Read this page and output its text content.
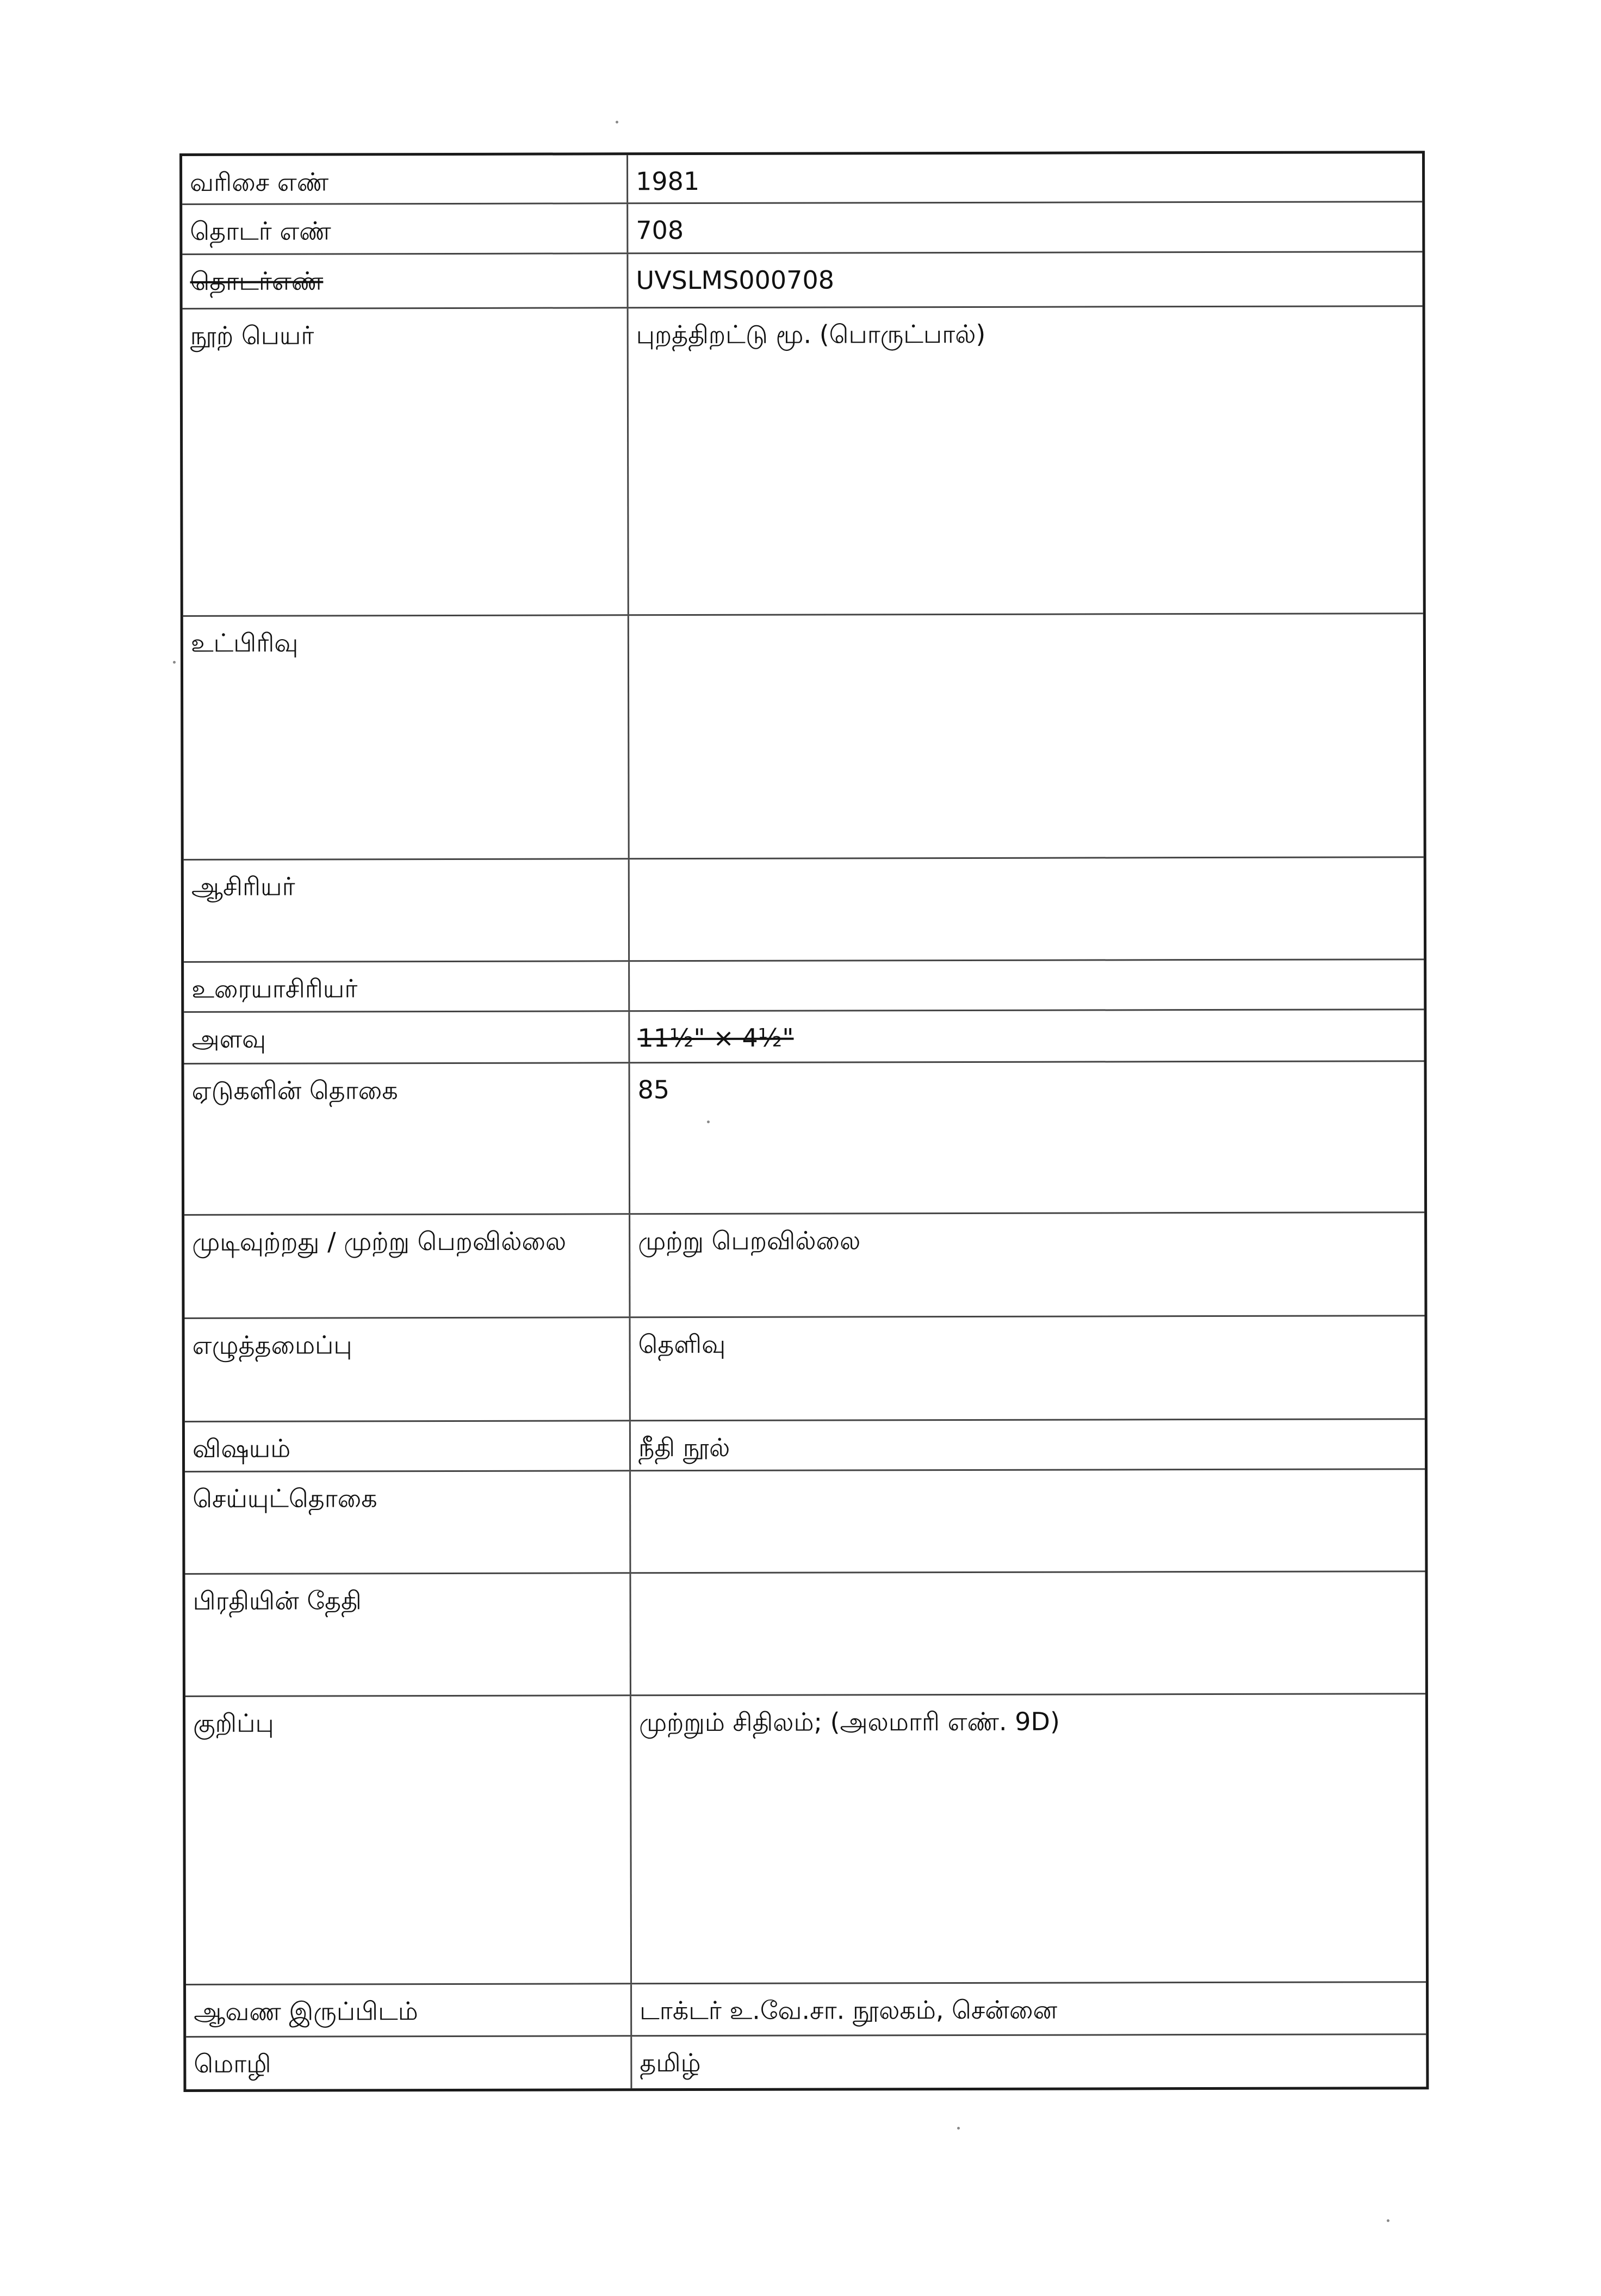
வரிசை எண்	1981
தொடர் எண்	708
தொடர்எண்	UVSLMS000708
நூற் பெயர்	புறத்திறட்டு மூ. (பொருட்பால்)
உட்பிரிவு
ஆசிரியர்
உரையாசிரியர்
அளவு	11½" × 4½"
ஏடுகளின் தொகை	85
முடிவுற்றது / முற்று பெறவில்லை	முற்று பெறவில்லை
எழுத்தமைப்பு	தெளிவு
விஷயம்	நீதி நூல்
செய்யுட்தொகை
பிரதியின் தேதி
குறிப்பு	முற்றும் சிதிலம்; (அலமாரி எண். 9D)
ஆவண இருப்பிடம்	டாக்டர் உ.வே.சா. நூலகம், சென்னை
மொழி	தமிழ்
